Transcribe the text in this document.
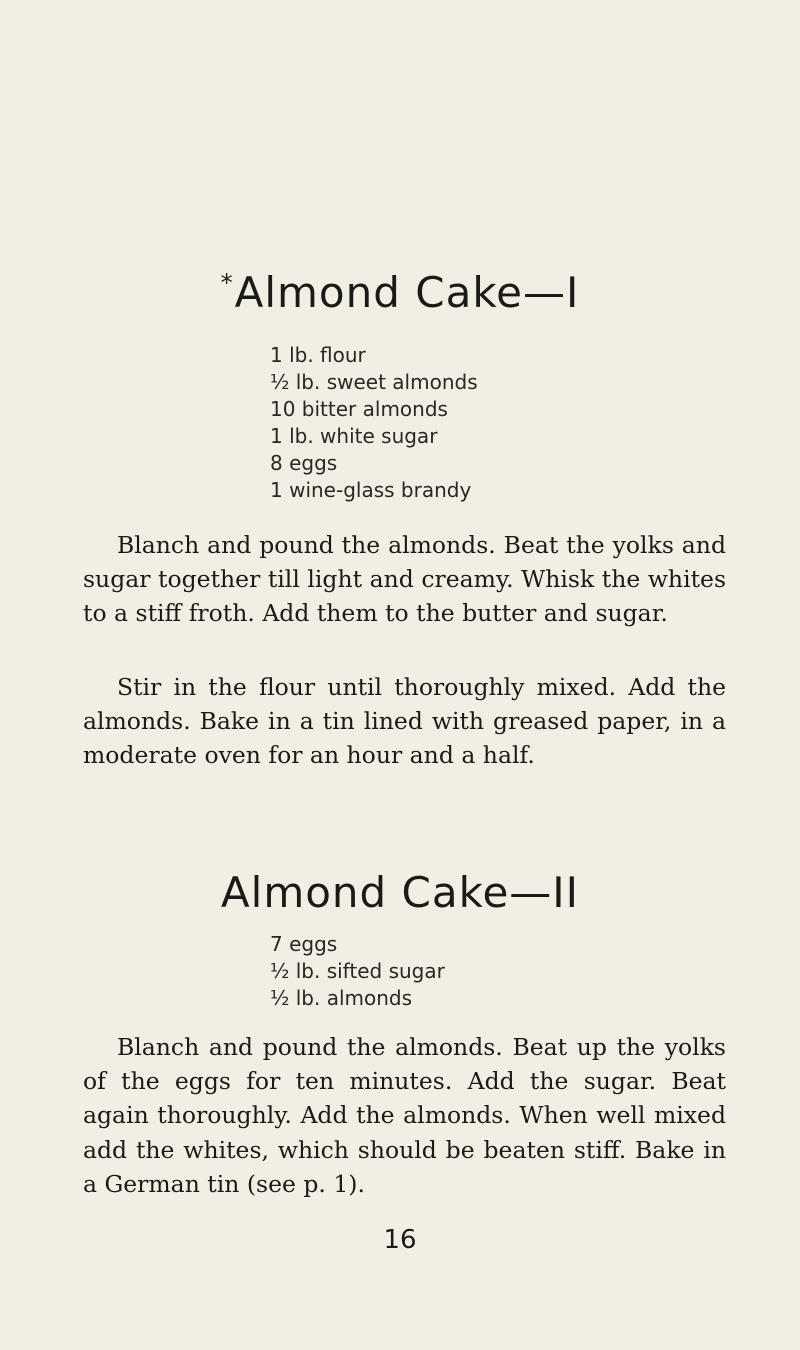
*Almond Cake—I
1 lb. flour
½ lb. sweet almonds
10 bitter almonds
1 lb. white sugar
8 eggs
1 wine-glass brandy

Blanch and pound the almonds. Beat the yolks and sugar together till light and creamy. Whisk the whites to a stiff froth. Add them to the butter and sugar.

Stir in the flour until thoroughly mixed. Add the almonds. Bake in a tin lined with greased paper, in a moderate oven for an hour and a half.

Almond Cake—II
7 eggs
½ lb. sifted sugar
½ lb. almonds

Blanch and pound the almonds. Beat up the yolks of the eggs for ten minutes. Add the sugar. Beat again thoroughly. Add the almonds. When well mixed add the whites, which should be beaten stiff. Bake in a German tin (see p. 1).

16
